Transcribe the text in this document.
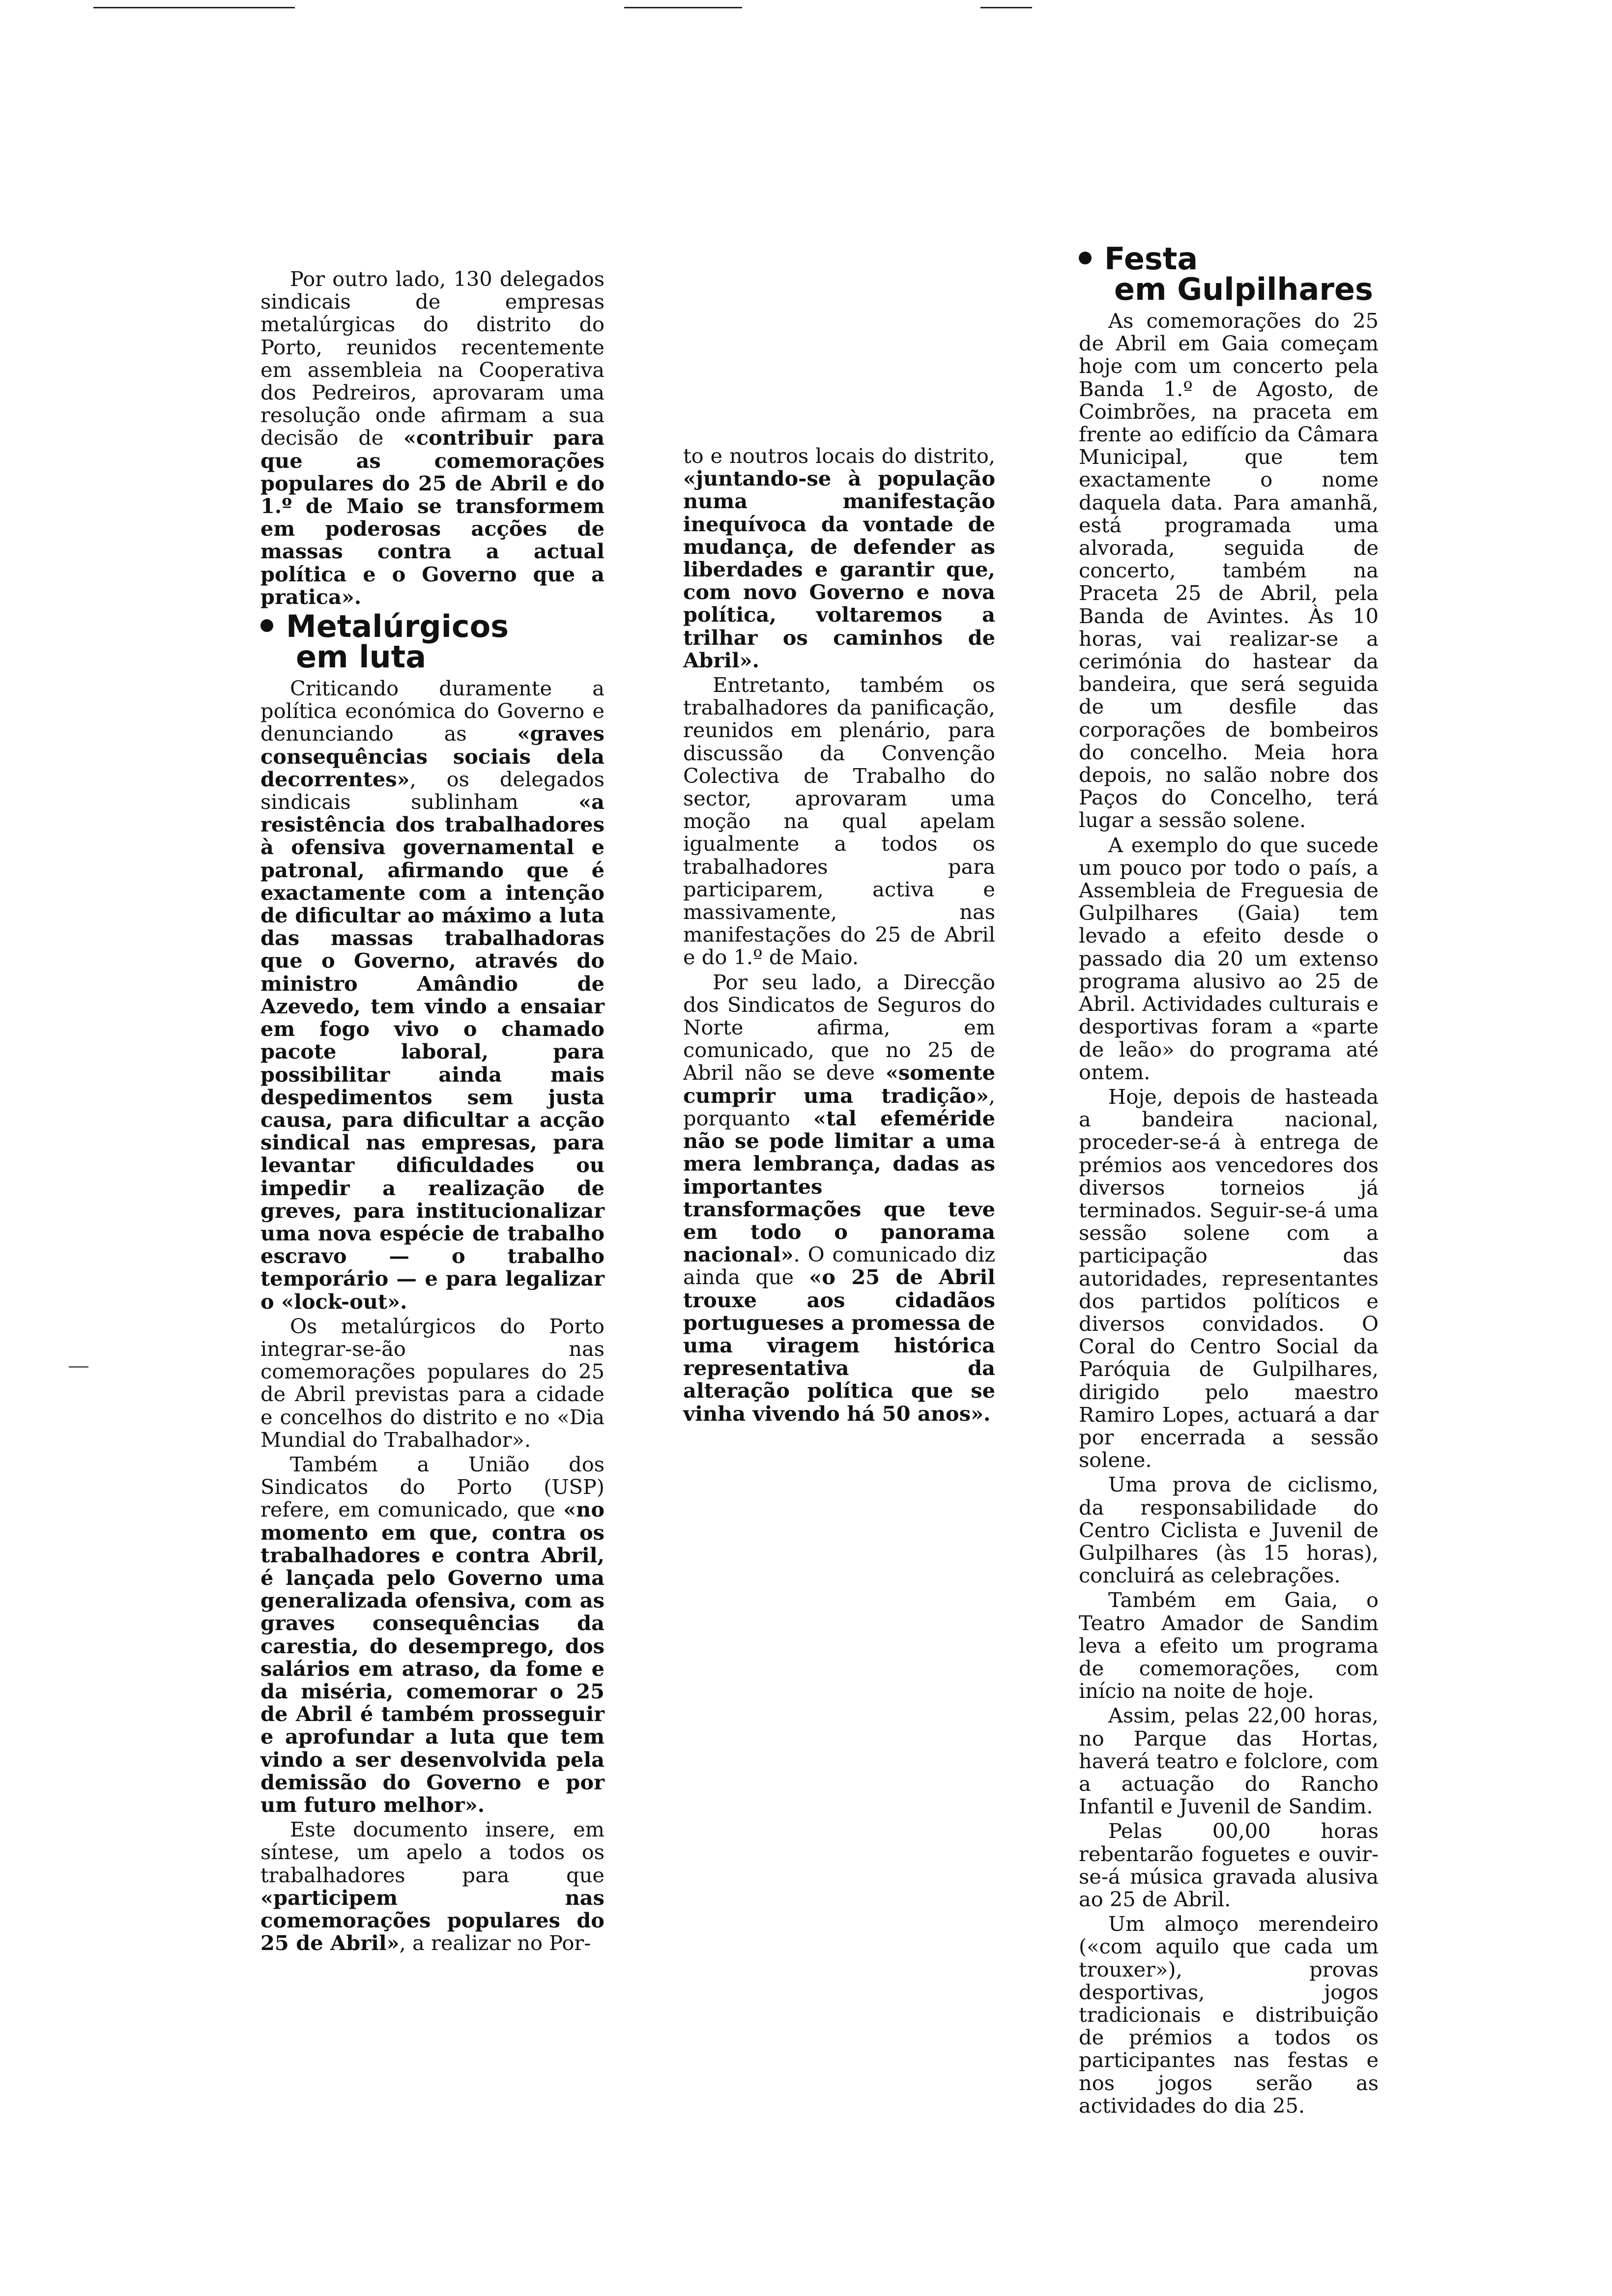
Por outro lado, 130 delegados sindicais de empresas metalúrgicas do distrito do Porto, reunidos recentemente em assembleia na Cooperativa dos Pedreiros, aprovaram uma resolução onde afirmam a sua decisão de «contribuir para que as comemorações populares do 25 de Abril e do 1.º de Maio se transformem em poderosas acções de massas contra a actual política e o Governo que a pratica».

Metalúrgicos
em luta

Criticando duramente a política económica do Governo e denunciando as «graves consequências sociais dela decorrentes», os delegados sindicais sublinham «a resistência dos trabalhadores à ofensiva governamental e patronal, afirmando que é exactamente com a intenção de dificultar ao máximo a luta das massas trabalhadoras que o Governo, através do ministro Amândio de Azevedo, tem vindo a ensaiar em fogo vivo o chamado pacote laboral, para possibilitar ainda mais despedimentos sem justa causa, para dificultar a acção sindical nas empresas, para levantar dificuldades ou impedir a realização de greves, para institucionalizar uma nova espécie de trabalho escravo — o trabalho temporário — e para legalizar o «lock-out».

Os metalúrgicos do Porto integrar-se-ão nas comemorações populares do 25 de Abril previstas para a cidade e concelhos do distrito e no «Dia Mundial do Trabalhador».

Também a União dos Sindicatos do Porto (USP) refere, em comunicado, que «no momento em que, contra os trabalhadores e contra Abril, é lançada pelo Governo uma generalizada ofensiva, com as graves consequências da carestia, do desemprego, dos salários em atraso, da fome e da miséria, comemorar o 25 de Abril é também prosseguir e aprofundar a luta que tem vindo a ser desenvolvida pela demissão do Governo e por um futuro melhor».

Este documento insere, em síntese, um apelo a todos os trabalhadores para que «participem nas comemorações populares do 25 de Abril», a realizar no Por-

to e noutros locais do distrito, «juntando-se à população numa manifestação inequívoca da vontade de mudança, de defender as liberdades e garantir que, com novo Governo e nova política, voltaremos a trilhar os caminhos de Abril».

Entretanto, também os trabalhadores da panificação, reunidos em plenário, para discussão da Convenção Colectiva de Trabalho do sector, aprovaram uma moção na qual apelam igualmente a todos os trabalhadores para participarem, activa e massivamente, nas manifestações do 25 de Abril e do 1.º de Maio.

Por seu lado, a Direcção dos Sindicatos de Seguros do Norte afirma, em comunicado, que no 25 de Abril não se deve «somente cumprir uma tradição», porquanto «tal efeméride não se pode limitar a uma mera lembrança, dadas as importantes transformações que teve em todo o panorama nacional». O comunicado diz ainda que «o 25 de Abril trouxe aos cidadãos portugueses a promessa de uma viragem histórica representativa da alteração política que se vinha vivendo há 50 anos».

Festa
em Gulpilhares

As comemorações do 25 de Abril em Gaia começam hoje com um concerto pela Banda 1.º de Agosto, de Coimbrões, na praceta em frente ao edifício da Câmara Municipal, que tem exactamente o nome daquela data. Para amanhã, está programada uma alvorada, seguida de concerto, também na Praceta 25 de Abril, pela Banda de Avintes. Às 10 horas, vai realizar-se a cerimónia do hastear da bandeira, que será seguida de um desfile das corporações de bombeiros do concelho. Meia hora depois, no salão nobre dos Paços do Concelho, terá lugar a sessão solene.

A exemplo do que sucede um pouco por todo o país, a Assembleia de Freguesia de Gulpilhares (Gaia) tem levado a efeito desde o passado dia 20 um extenso programa alusivo ao 25 de Abril. Actividades culturais e desportivas foram a «parte de leão» do programa até ontem.

Hoje, depois de hasteada a bandeira nacional, proceder-se-á à entrega de prémios aos vencedores dos diversos torneios já terminados. Seguir-se-á uma sessão solene com a participação das autoridades, representantes dos partidos políticos e diversos convidados. O Coral do Centro Social da Paróquia de Gulpilhares, dirigido pelo maestro Ramiro Lopes, actuará a dar por encerrada a sessão solene.

Uma prova de ciclismo, da responsabilidade do Centro Ciclista e Juvenil de Gulpilhares (às 15 horas), concluirá as celebrações.

Também em Gaia, o Teatro Amador de Sandim leva a efeito um programa de comemorações, com início na noite de hoje.

Assim, pelas 22,00 horas, no Parque das Hortas, haverá teatro e folclore, com a actuação do Rancho Infantil e Juvenil de Sandim.

Pelas 00,00 horas rebentarão foguetes e ouvir-se-á música gravada alusiva ao 25 de Abril.

Um almoço merendeiro («com aquilo que cada um trouxer»), provas desportivas, jogos tradicionais e distribuição de prémios a todos os participantes nas festas e nos jogos serão as actividades do dia 25.
